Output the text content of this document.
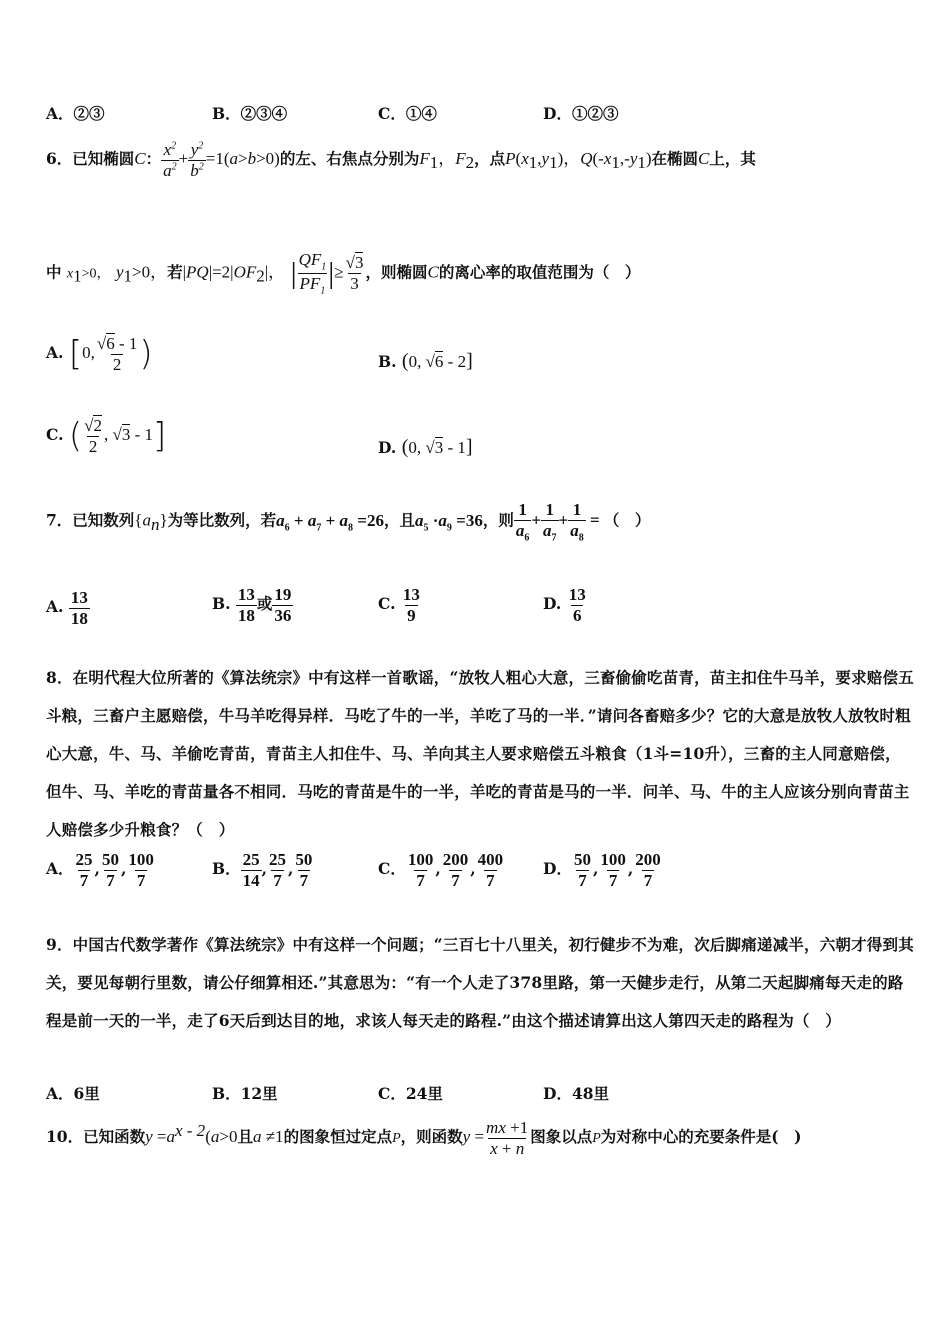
A．②③	B．②③④	C．①④	D．①②③
6．已知椭圆C： $\frac{x^2}{a^2} + \frac{y^2}{b^2} =1(a>b>0)$的左、右焦点分别为$F_1$，$F_2$，点$P(x_1,y_1)$，$Q(-x_1,-y_1)$在椭圆C上，其
中 $x_1>0$， $y_1>0$，若$|PQ|=2|OF_2|$， | $\frac{QF_1}{PF_1}$ |≥ $\frac{√3}{3}$ ，则椭圆C的离心率的取值范围为（　）
A. [0, $\frac{√6 - 1}{2}$ )	B. (0, √6 - 2]
C. ( $\frac{√2}{2}$ , √3 - 1]	D. (0, √3 - 1]
7．已知数列$\{a_n\}$为等比数列，若$a_6 + a_7 + a_8 =26$，且$a_5 \cdot a_9 =36$，则 $\frac{1}{a_6} + \frac{1}{a_7} + \frac{1}{a_8}$ = （　）
A. $\frac{13}{18}$	B. $\frac{13}{18}$ 或 $\frac{19}{36}$	C. $\frac{13}{9}$	D. $\frac{13}{6}$
8．在明代程大位所著的《算法统宗》中有这样一首歌谣，“放牧人粗心大意，三畜偷偷吃苗青，苗主扣住牛马羊，要求赔偿五斗粮，三畜户主愿赔偿，牛马羊吃得异样．马吃了牛的一半，羊吃了马的一半．”请问各畜赔多少？它的大意是放牧人放牧时粗心大意，牛、马、羊偷吃青苗，青苗主人扣住牛、马、羊向其主人要求赔偿五斗粮食（1斗=10升），三畜的主人同意赔偿，但牛、马、羊吃的青苗量各不相同．马吃的青苗是牛的一半，羊吃的青苗是马的一半．问羊、马、牛的主人应该分别向青苗主人赔偿多少升粮食？（　）
A． $\frac{25}{7}$ , $\frac{50}{7}$ , $\frac{100}{7}$	B． $\frac{25}{14}$ , $\frac{25}{7}$ , $\frac{50}{7}$	C． $\frac{100}{7}$ , $\frac{200}{7}$ , $\frac{400}{7}$ D． $\frac{50}{7}$ , $\frac{100}{7}$ , $\frac{200}{7}$
9．中国古代数学著作《算法统宗》中有这样一个问题；“三百七十八里关，初行健步不为难，次后脚痛递减半，六朝才得到其关，要见每朝行里数，请公仔细算相还.”其意思为：“有一个人走了378里路，第一天健步走行，从第二天起脚痛每天走的路程是前一天的一半，走了6天后到达目的地，求该人每天走的路程.”由这个描述请算出这人第四天走的路程为（　）
A．6里	B．12里	C．24里	D．48里
10．已知函数$y =a^{x - 2}(a>0$且a ≠1的图象恒过定点P，则函数$y = \frac{mx +1}{x + n}$ 图象以点P为对称中心的充要条件是(　)
